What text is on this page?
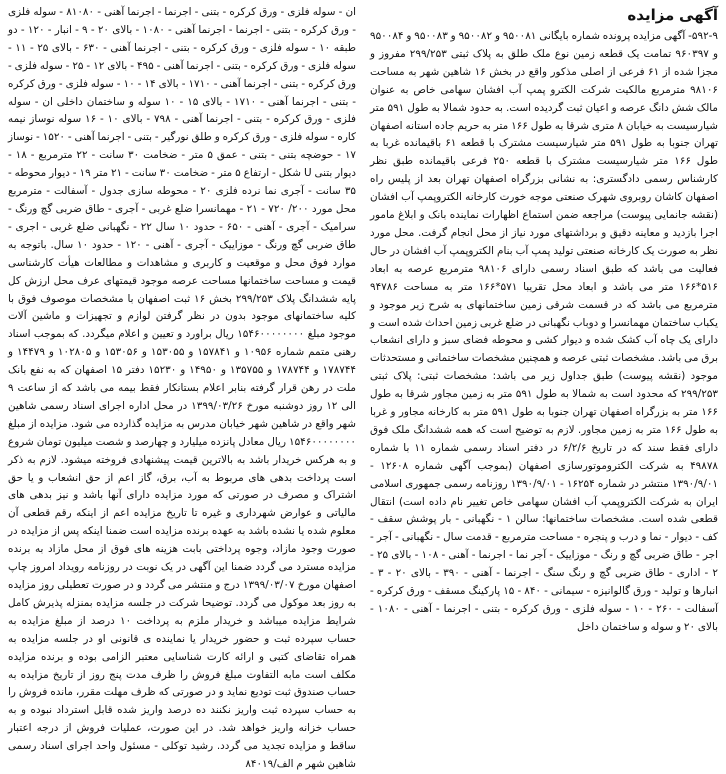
آگهی مزایده

۵۹۲-۹- آگهی مزایده پرونده شماره بایگانی ۹۵۰۰۸۱ و ۹۵۰۰۸۲ و ۹۵۰۰۸۳ و ۹۵۰۰۸۴ و ۹۶۰۳۹۷ تمامت یک قطعه زمین نوع ملک طلق به پلاک ثبتی ۲۹۹/۲۵۳ مفروز و مجزا شده از ۶۱ فرعی از اصلی مذکور واقع در بخش ۱۶ شاهین شهر به مساحت ۹۸۱۰۶ مترمربع مالکیت شرکت الکترو پمپ آب افشان سهامی خاص به عنوان مالک شش دانگ عرصه و اعیان ثبت گردیده است. به حدود شمالا به طول ۵۹۱ متر شیارسیست به خیابان ۸ متری شرقا به طول ۱۶۶ متر به حریم جاده استانه اصفهان تهران جنوبا به طول ۵۹۱ متر شیارسیست مشترک با قطعه ۶۱ باقیمانده غربا به طول ۱۶۶ متر شیارسیست مشترک با قطعه ۲۵۰ فرعی باقیمانده طبق نظر کارشناس رسمی دادگستری: به نشانی بزرگراه اصفهان تهران بعد از پلیس راه اصفهان کاشان روبروی شهرک صنعتی موجه خورت کارخانه الکتروپمپ آب افشان (نقشه جانمایی پیوست) مراجعه ضمن استماع اظهارات نماینده بانک و ابلاغ مامور اجرا بازدید و معاینه دقیق و برداشتهای مورد نیاز از محل انجام گرفت. محل مورد نظر به صورت یک کارخانه صنعتی تولید پمپ آب بنام الکتروپمپ آب افشان در حال فعالیت می باشد که طبق اسناد رسمی دارای ۹۸۱۰۶ مترمربع عرصه به ابعاد ۵۱۶*۱۶۶ متر می باشد و ابعاد محل تقریبا ۵۷۱*۱۶۶ متر به مساحت ۹۴۷۸۶ مترمربع می باشد که در قسمت شرقی زمین ساختمانهای به شرح زیر موجود و یکباب ساختمان مهمانسرا و دوباب نگهبانی در ضلع غربی زمین احداث شده است و دارای یک چاه آب کشک شده و دیوار کشی و محوطه فضای سبز و دارای انشعاب برق می باشد. مشخصات ثبتی عرصه و همچنین مشخصات ساختمانی و مستحدثات موجود (نقشه پیوست) طبق جداول زیر می باشد: مشخصات ثبتی: پلاک ثبتی ۲۹۹/۲۵۳ که محدود است به شمالا به طول ۵۹۱ متر به زمین مجاور شرقا به طول ۱۶۶ متر به بزرگراه اصفهان تهران جنوبا به طول ۵۹۱ متر به کارخانه مجاور و غربا به طول ۱۶۶ متر به زمین مجاور. لازم به توضیح است که همه ششدانگ ملک فوق دارای فقط سند که در تاریخ ۶/۲/۶ در دفتر اسناد رسمی شماره ۱۱ با شماره ۴۹۸۷۸ به شرکت الکتروموتورسازی اصفهان (بموجب آگهی شماره ۱۲۶۰۸ - ۱۳۹۰/۹/۰۱ منتشر در شماره ۱۶۲۵۴ - ۱۳۹۰/۹/۰۱ روزنامه رسمی جمهوری اسلامی ایران به شرکت الکتروپمپ آب افشان سهامی خاص تغییر نام داده است) انتقال قطعی شده است. مشخصات ساختمانها: سالن ۱ - نگهبانی - بار پوشش سقف - کف - دیوار - نما و درب و پنجره - مساحت مترمربع - قدمت سال - نگهبانی - آجر - اجر - طاق ضربی گچ و رنگ - موزاییک - آجر نما - اجرنما - آهنی - ۱۰۸ - بالای ۲۵ - ۲ - اداری - طاق ضربی گچ و رنگ سنگ - اجرنما - آهنی - ۳۹۰ - بالای ۲۰ - ۳ - انبارها و تولید - ورق گالوانیزه - سیمانی - ۸۴۰ - ۱۵ پارکینگ مسقف - ورق کرکره - آسفالت - ۲۶۰ - ۱۰ - سوله فلزی - ورق کرکره - بتنی - اجرنما - آهنی - ۱۰۸۰ - بالای ۲۰ و سوله و ساختمان داخل

ان - سوله فلزی - ورق کرکره - بتنی - اجرنما - اجرنما آهنی - ۸۱۰۸۰ - سوله فلزی - ورق کرکره - بتنی - اجرنما - اجرنما آهنی - ۱۰۸۰ - بالای ۲۰ - ۹ - انبار - ۱۲۰ - دو طبقه ۱۰ - سوله فلزی - ورق کرکره - بتنی - اجرنما آهنی - ۶۳۰ - بالای ۲۵ - ۱۱ - سوله فلزی - ورق کرکره - بتنی - اجرنما آهنی - ۴۹۵ - بالای ۱۲ - ۲۵ - سوله فلزی - ورق کرکره - بتنی - اجرنما آهنی - ۱۷۱۰ - بالای ۱۴ - ۱۰ - سوله فلزی - ورق کرکره - بتنی - اجرنما آهنی - ۱۷۱۰ - بالای ۱۵ - ۱۰ سوله و ساختمان داخلی ان - سوله فلزی - ورق کرکره - بتنی - اجرنما آهنی - ۷۹۸ - بالای ۱۰ - ۱۶ سوله نوساز نیمه کاره - سوله فلزی - ورق کرکره و طلق نورگیر - بتنی - اجرنما آهنی - ۱۵۲۰ - نوساز ۱۷ - حوضچه بتنی - بتنی - عمق ۵ متر - ضخامت ۳۰ سانت - ۲۲ مترمربع - ۱۸ - دیوار بتنی U شکل - ارتفاع ۵ متر - ضخامت ۳۰ سانت - ۲۱ متر ۱۹ - دیوار محوطه - ۳۵ سانت - آجری نما نرده فلزی ۲۰ - محوطه سازی جدول - آسفالت - مترمربع محل مورد ۲۰۰/ ۷۲۰ - ۲۱ - مهمانسرا ضلع غربی - آجری - طاق ضربی گچ ورنگ - سرامیک - آجری - آهنی - ۶۵۰ - حدود ۱۰ سال ۲۲ - نگهبانی ضلع غربی - اجری - طاق ضربی گچ ورنگ - موزاییک - آجری - آهنی - ۱۲۰ - حدود ۱۰ سال. باتوجه به موارد فوق محل و موقعیت و کاربری و مشاهدات و مطالعات هیأت کارشناسی قیمت و مساحت ساختمانها مساحت عرصه موجود قیمتهای عرف محل ارزش کل پایه ششدانگ پلاک ۲۹۹/۲۵۳ بخش ۱۶ ثبت اصفهان با مشخصات موصوف فوق با کلیه ساختمانهای موجود بدون در نظر گرفتن لوازم و تجهیزات و ماشین آلات موجود مبلغ ۱۵۴۶۰۰۰۰۰۰۰۰ ریال براورد و تعیین و اعلام میگردد. که بموجب اسناد رهنی متمم شماره ۱۰۹۵۶ و ۱۵۷۸۴۱ و ۱۵۳۰۵۵ و ۱۵۳۰۵۶ و ۱۰۲۸۰۵ و ۱۴۴۷۹ و ۱۷۸۷۴۴ و ۱۷۸۷۴۴ و ۱۳۵۷۵۵ و ۱۴۹۵۰ و ۱۵۲۳۰ دفتر ۱۵ اصفهان که به نفع بانک ملت در رهن قرار گرفته بنابر اعلام بستانکار فقط بیمه می باشد که از ساعت ۹ الی ۱۲ روز دوشنبه مورخ ۱۳۹۹/۰۳/۲۶ در محل اداره اجرای اسناد رسمی شاهین شهر واقع در شاهین شهر خیابان مدرس به مزایده گذارده می شود. مزایده از مبلغ ۱۵۴۶۰۰۰۰۰۰۰۰ ریال معادل پانزده میلیارد و چهارصد و شصت میلیون تومان شروع و به هرکس خریدار باشد به بالاترین قیمت پیشنهادی فروخته میشود. لازم به ذکر است پرداخت بدهی های مربوط به آب، برق، گاز اعم از حق انشعاب و یا حق اشتراک و مصرف در صورتی که مورد مزایده دارای آنها باشد و نیز بدهی های مالیاتی و عوارض شهرداری و غیره تا تاریخ مزایده اعم از اینکه رقم قطعی آن معلوم شده یا نشده باشد به عهده برنده مزایده است ضمنا اینکه پس از مزایده در صورت وجود مازاد، وجوه پرداختی بابت هزینه های فوق از محل مازاد به برنده مزایده مسترد می گردد ضمنا این آگهی در یک نوبت در روزنامه رویداد امروز چاپ اصفهان مورخ ۱۳۹۹/۰۳/۰۷ درج و منتشر می گردد و در صورت تعطیلی روز مزایده به روز بعد موکول می گردد. توضیحا شرکت در جلسه مزایده بمنزله پذیرش کامل شرایط مزایده میباشد و خریدار ملزم به پرداخت ۱۰ درصد از مبلغ مزایده به حساب سپرده ثبت و حضور خریدار یا نماینده ی قانونی او در جلسه مزایده به همراه تقاضای کتبی و ارائه کارت شناسایی معتبر الزامی بوده و برنده مزایده مکلف است مابه التفاوت مبلغ فروش را ظرف مدت پنج روز از تاریخ مزایده به حساب صندوق ثبت تودیع نماید و در صورتی که ظرف مهلت مقرر، مانده فروش را به حساب سپرده ثبت واریز نکنند ده درصد واریز شده قابل استرداد نبوده و به حساب خزانه واریز خواهد شد. در این صورت، عملیات فروش از درجه اعتبار ساقط و مزایده تجدید می گردد. رشید توکلی - مسئول واحد اجرای اسناد رسمی شاهین شهر م الف/۸۴۰۱۹
